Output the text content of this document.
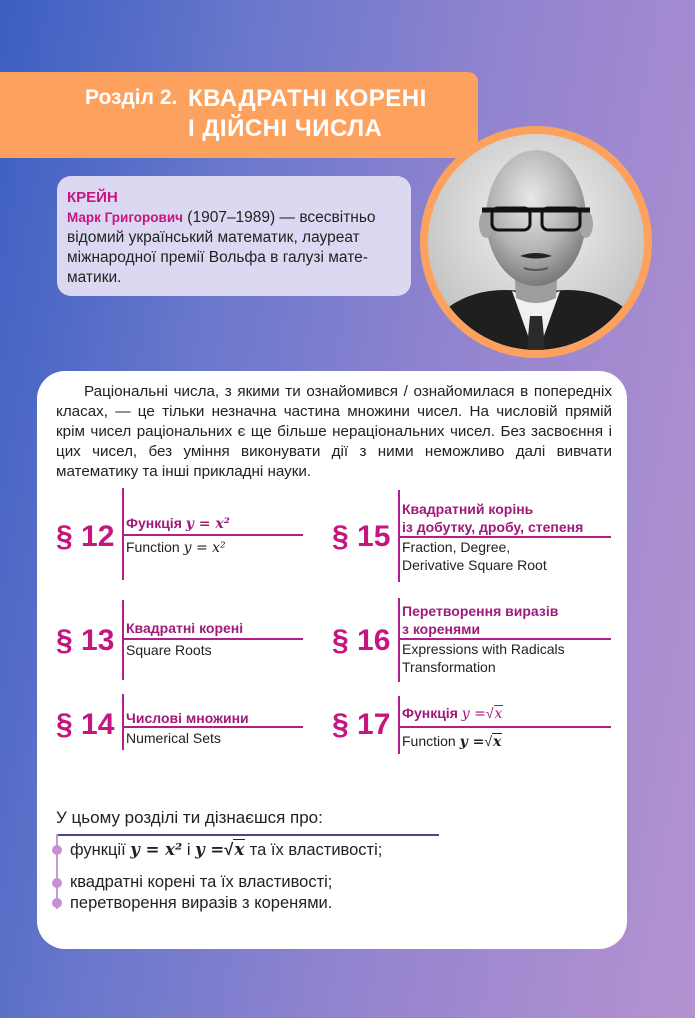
Розділ 2. КВАДРАТНІ КОРЕНІ
І ДІЙСНІ ЧИСЛА
КРЕЙН
Марк Григорович (1907–1989) — всесвітньо
відомий український математик, лауреат
міжнародної премії Вольфа в галузі мате-
матики.

Раціональні числа, з якими ти ознайомився / ознайомилася в попередніх класах, — це тільки незначна частина множини чисел. На числовій прямій крім чисел раціональних є ще більше нераціональних чисел. Без засвоєння і цих чисел, без уміння виконувати дії з ними неможливо далі вивчати математику та інші прикладні науки.

§ 12 Функція y = x²
Function y = x²
§ 13 Квадратні корені
Square Roots
§ 14 Числові множини
Numerical Sets
§ 15
Квадратний корінь
із добутку, дробу, степеня
Fraction, Degree,
Derivative Square Root
§ 16
Перетворення виразів
з коренями
Expressions with Radicals
Transformation
§ 17 Функція y =√x
Function y =√x
У цьому розділі ти дізнаєшся про:
функції y = x² і y =√x та їх властивості;
квадратні корені та їх властивості;
перетворення виразів з коренями.
